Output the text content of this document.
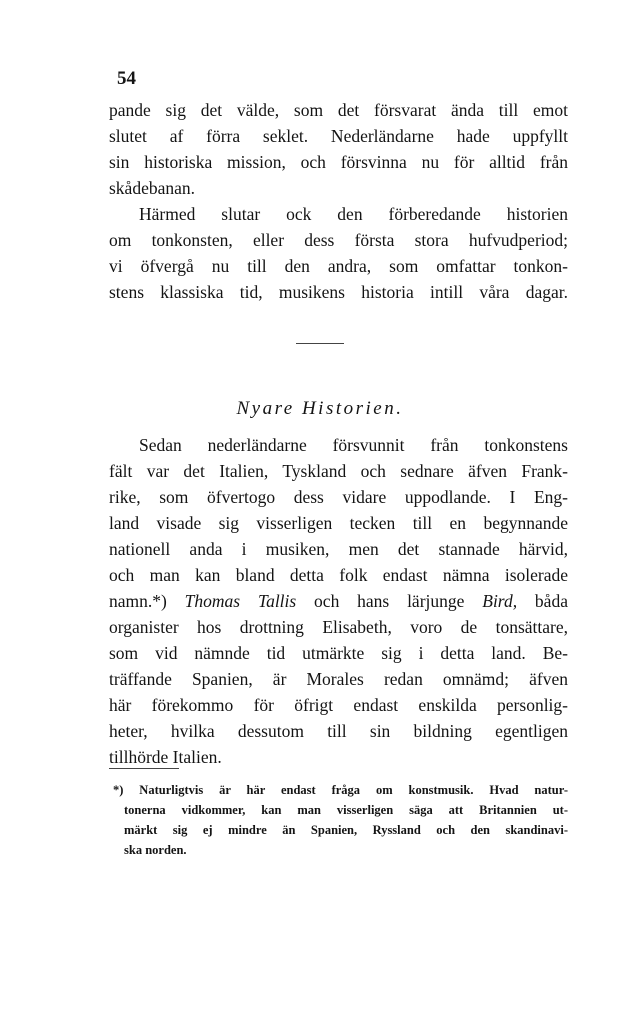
54
pande sig det välde, som det försvarat ända till emot
slutet af förra seklet. Nederländarne hade uppfyllt
sin historiska mission, och försvinna nu för alltid från
skådebanan.
Härmed slutar ock den förberedande historien
om tonkonsten, eller dess första stora hufvudperiod;
vi öfvergå nu till den andra, som omfattar tonkon-
stens klassiska tid, musikens historia intill våra dagar.
Nyare Historien.
Sedan nederländarne försvunnit från tonkonstens
fält var det Italien, Tyskland och sednare äfven Frank-
rike, som öfvertogo dess vidare uppodlande. I Eng-
land visade sig visserligen tecken till en begynnande
nationell anda i musiken, men det stannade härvid,
och man kan bland detta folk endast nämna isolerade
namn.*) Thomas Tallis och hans lärjunge Bird, båda
organister hos drottning Elisabeth, voro de tonsättare,
som vid nämnde tid utmärkte sig i detta land. Be-
träffande Spanien, är Morales redan omnämd; äfven
här förekommo för öfrigt endast enskilda personlig-
heter, hvilka dessutom till sin bildning egentligen
tillhörde Italien.
*) Naturligtvis är här endast fråga om konstmusik. Hvad natur-
tonerna vidkommer, kan man visserligen säga att Britannien ut-
märkt sig ej mindre än Spanien, Ryssland och den skandinavi-
ska norden.
